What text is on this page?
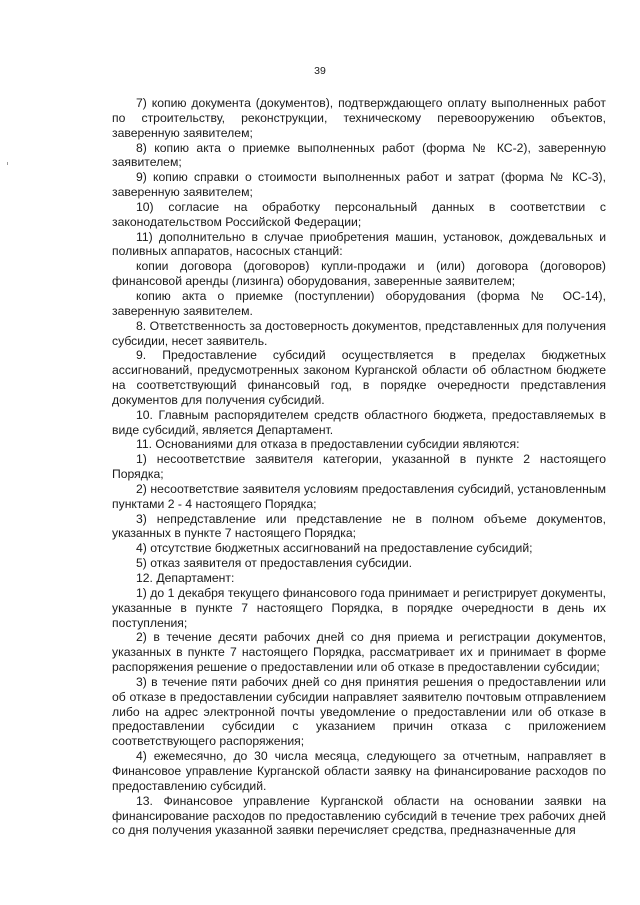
39

7) копию документа (документов), подтверждающего оплату выполненных работ по строительству, реконструкции, техническому перевооружению объектов, заверенную заявителем;

8) копию акта о приемке выполненных работ (форма № КС-2), заверенную заявителем;

9) копию справки о стоимости выполненных работ и затрат (форма № КС-3), заверенную заявителем;

10) согласие на обработку персональный данных в соответствии с законодательством Российской Федерации;

11) дополнительно в случае приобретения машин, установок, дождевальных и поливных аппаратов, насосных станций:

копии договора (договоров) купли-продажи и (или) договора (договоров) финансовой аренды (лизинга) оборудования, заверенные заявителем;

копию акта о приемке (поступлении) оборудования (форма № ОС-14), заверенную заявителем.

8. Ответственность за достоверность документов, представленных для получения субсидии, несет заявитель.

9. Предоставление субсидий осуществляется в пределах бюджетных ассигнований, предусмотренных законом Курганской области об областном бюджете на соответствующий финансовый год, в порядке очередности представления документов для получения субсидий.

10. Главным распорядителем средств областного бюджета, предоставляемых в виде субсидий, является Департамент.

11. Основаниями для отказа в предоставлении субсидии являются:

1) несоответствие заявителя категории, указанной в пункте 2 настоящего Порядка;

2) несоответствие заявителя условиям предоставления субсидий, установленным пунктами 2 - 4 настоящего Порядка;

3) непредставление или представление не в полном объеме документов, указанных в пункте 7 настоящего Порядка;

4) отсутствие бюджетных ассигнований на предоставление субсидий;

5) отказ заявителя от предоставления субсидии.

12. Департамент:

1) до 1 декабря текущего финансового года принимает и регистрирует документы, указанные в пункте 7 настоящего Порядка, в порядке очередности в день их поступления;

2) в течение десяти рабочих дней со дня приема и регистрации документов, указанных в пункте 7 настоящего Порядка, рассматривает их и принимает в форме распоряжения решение о предоставлении или об отказе в предоставлении субсидии;

3) в течение пяти рабочих дней со дня принятия решения о предоставлении или об отказе в предоставлении субсидии направляет заявителю почтовым отправлением либо на адрес электронной почты уведомление о предоставлении или об отказе в предоставлении субсидии с указанием причин отказа с приложением соответствующего распоряжения;

4) ежемесячно, до 30 числа месяца, следующего за отчетным, направляет в Финансовое управление Курганской области заявку на финансирование расходов по предоставлению субсидий.

13. Финансовое управление Курганской области на основании заявки на финансирование расходов по предоставлению субсидий в течение трех рабочих дней со дня получения указанной заявки перечисляет средства, предназначенные для
